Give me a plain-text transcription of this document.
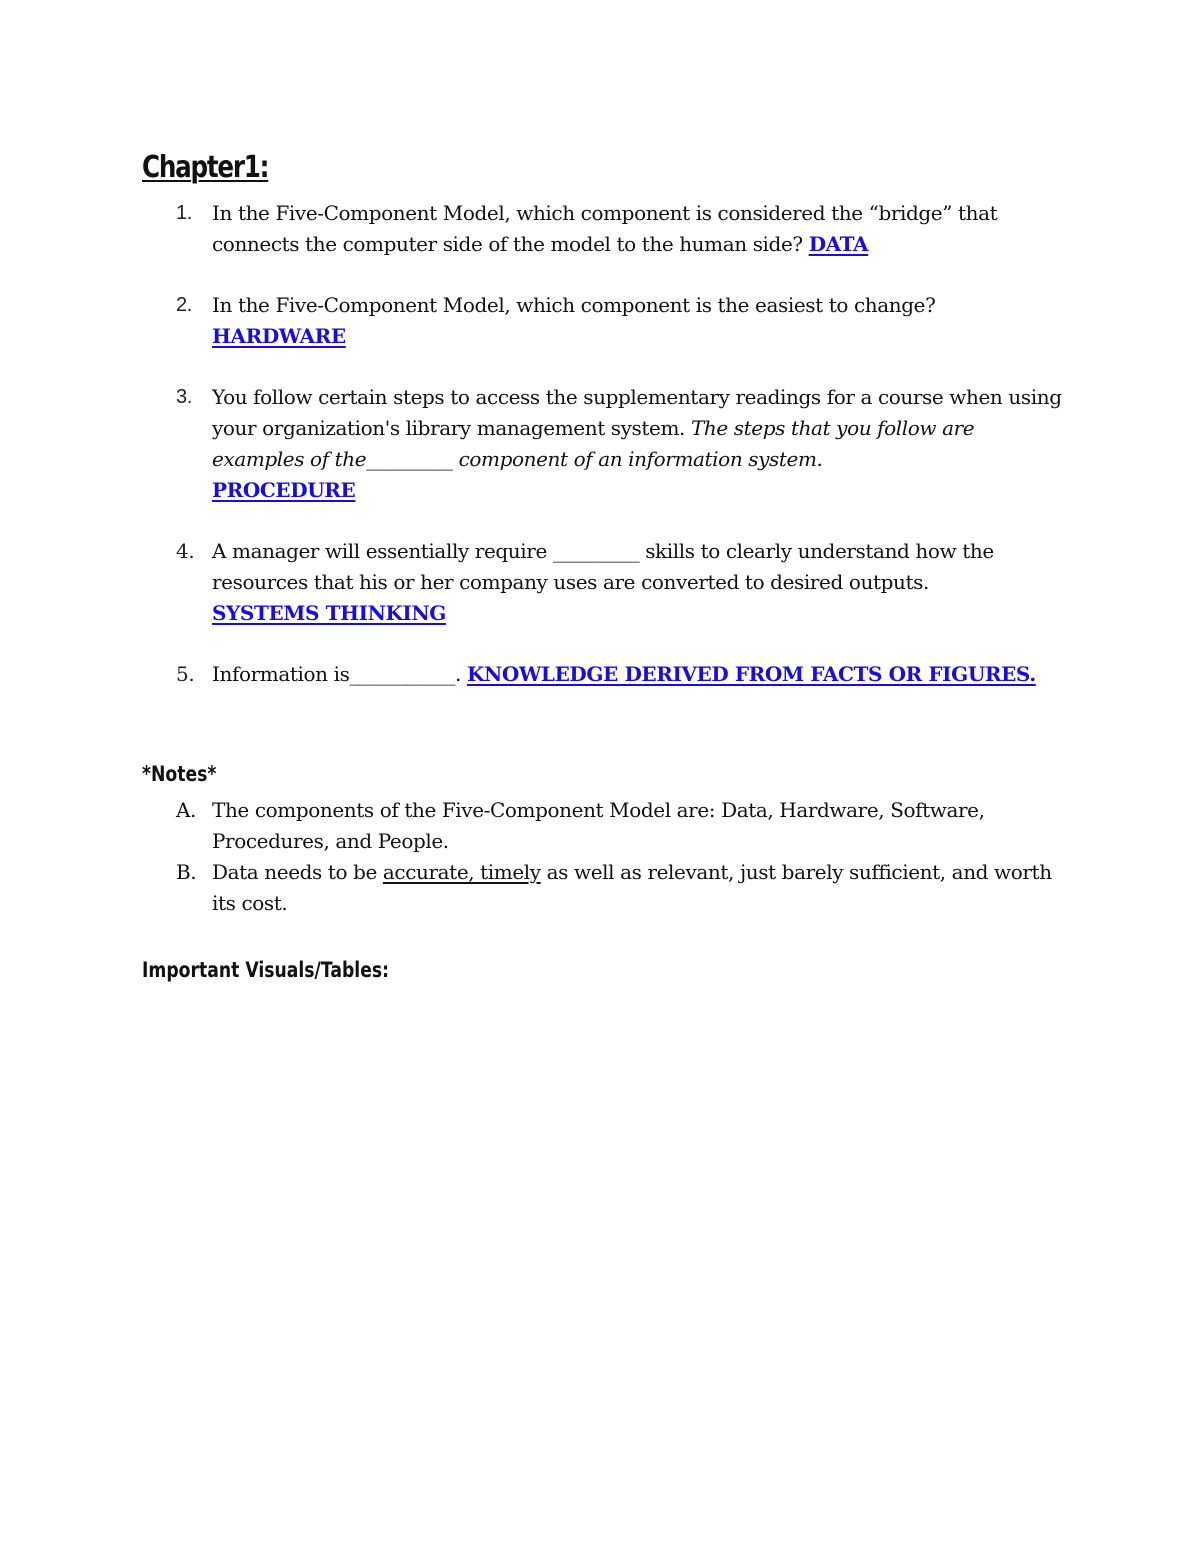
Chapter1:
1. In the Five-Component Model, which component is considered the “bridge” that connects the computer side of the model to the human side? DATA
2. In the Five-Component Model, which component is the easiest to change?HARDWARE
3. You follow certain steps to access the supplementary readings for a course when using your organization's library management system. The steps that you follow are examples of the_________ component of an information system.
PROCEDURE
4. A manager will essentially require _________ skills to clearly understand how the resources that his or her company uses are converted to desired outputs.
SYSTEMS THINKING
5. Information is___________. KNOWLEDGE DERIVED FROM FACTS OR FIGURES.
*Notes*
A. The components of the Five-Component Model are: Data, Hardware, Software, Procedures, and People.
B. Data needs to be accurate, timely as well as relevant, just barely sufficient, and worth its cost.
Important Visuals/Tables:
